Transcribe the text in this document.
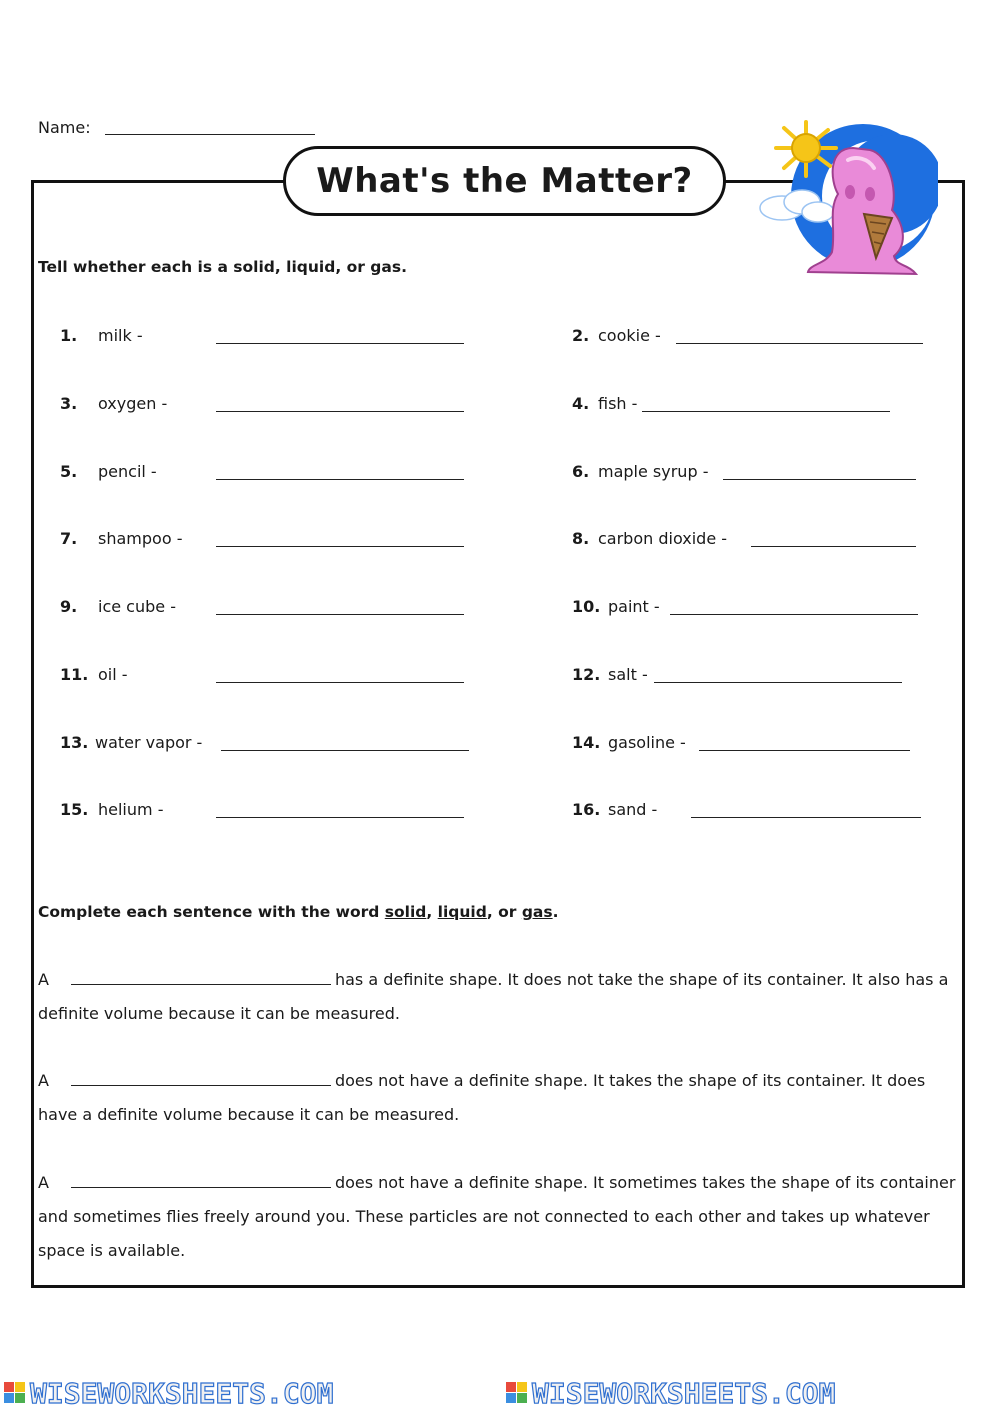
Name:
What's the Matter?
Tell whether each is a solid, liquid, or gas.
1. milk -
3. oxygen -
5. pencil -
7. shampoo -
9. ice cube -
11. oil -
13. water vapor -
15. helium -
2. cookie -
4. fish -
6. maple syrup -
8. carbon dioxide -
10. paint -
12. salt -
14. gasoline -
16. sand -
Complete each sentence with the word solid, liquid, or gas.
A	has a definite shape. It does not take the shape of its container. It also has a definite volume because it can be measured.
A	does not have a definite shape. It takes the shape of its container. It does have a definite volume because it can be measured.
A	does not have a definite shape. It sometimes takes the shape of its container and sometimes flies freely around you. These particles are not connected to each other and takes up whatever space is available.
WISEWORKSHEETS.COM	WISEWORKSHEETS.COM
